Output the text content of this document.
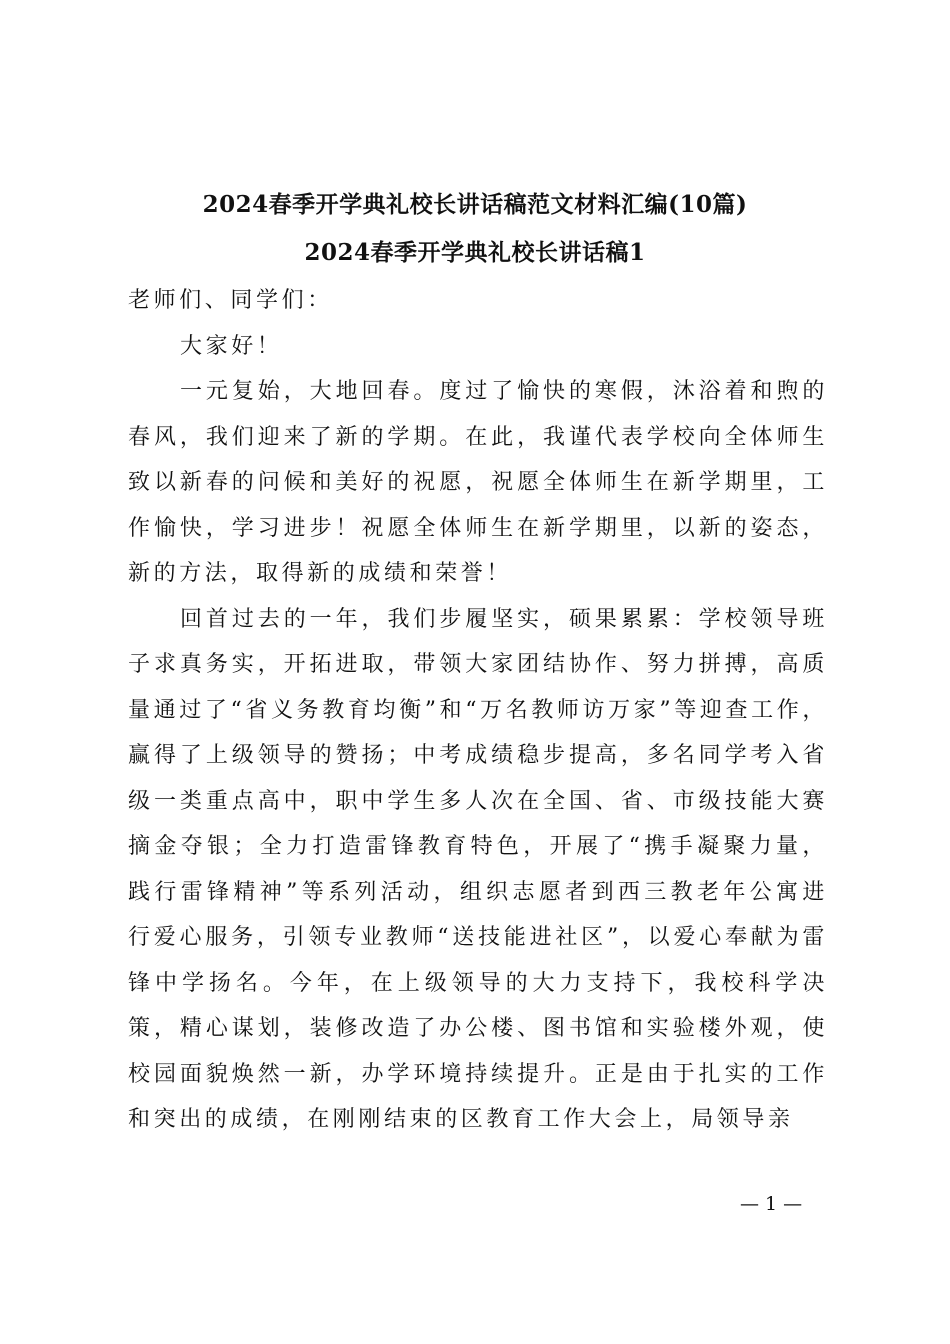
2024春季开学典礼校长讲话稿范文材料汇编(10篇)
2024春季开学典礼校长讲话稿1

老师们、同学们：

大家好！

一元复始，大地回春。度过了愉快的寒假，沐浴着和煦的春风，我们迎来了新的学期。在此，我谨代表学校向全体师生致以新春的问候和美好的祝愿，祝愿全体师生在新学期里，工作愉快，学习进步！祝愿全体师生在新学期里，以新的姿态，新的方法，取得新的成绩和荣誉！

回首过去的一年，我们步履坚实，硕果累累：学校领导班子求真务实，开拓进取，带领大家团结协作、努力拼搏，高质量通过了“省义务教育均衡”和“万名教师访万家”等迎查工作，赢得了上级领导的赞扬；中考成绩稳步提高，多名同学考入省级一类重点高中，职中学生多人次在全国、省、市级技能大赛摘金夺银；全力打造雷锋教育特色，开展了“携手凝聚力量，践行雷锋精神”等系列活动，组织志愿者到西三教老年公寓进行爱心服务，引领专业教师“送技能进社区”，以爱心奉献为雷锋中学扬名。今年，在上级领导的大力支持下，我校科学决策，精心谋划，装修改造了办公楼、图书馆和实验楼外观，使校园面貌焕然一新，办学环境持续提升。正是由于扎实的工作和突出的成绩，在刚刚结束的区教育工作大会上，局领导亲

— 1 —
